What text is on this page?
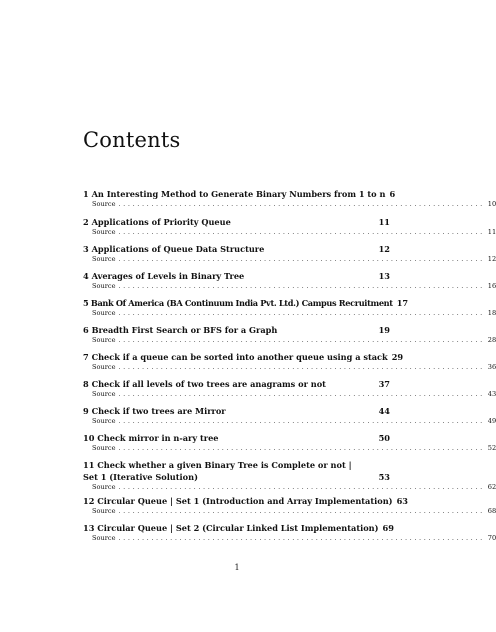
Contents
1 An Interesting Method to Generate Binary Numbers from 1 to n 6
Source .............................................................................. 10
2 Applications of Priority Queue	11
Source .............................................................................. 11
3 Applications of Queue Data Structure	12
Source .............................................................................. 12
4 Averages of Levels in Binary Tree	13
Source .............................................................................. 16
5 Bank Of America (BA Continuum India Pvt. Ltd.) Campus Recruitment 17
Source .............................................................................. 18
6 Breadth First Search or BFS for a Graph	19
Source .............................................................................. 28
7 Check if a queue can be sorted into another queue using a stack 29
Source .............................................................................. 36
8 Check if all levels of two trees are anagrams or not	37
Source .............................................................................. 43
9 Check if two trees are Mirror	44
Source .............................................................................. 49
10 Check mirror in n-ary tree	50
Source .............................................................................. 52
11 Check whether a given Binary Tree is Complete or not | Set 1 (Iterative Solution)	53
Source .............................................................................. 62
12 Circular Queue | Set 1 (Introduction and Array Implementation) 63
Source .............................................................................. 68
13 Circular Queue | Set 2 (Circular Linked List Implementation) 69
Source .............................................................................. 70
1
